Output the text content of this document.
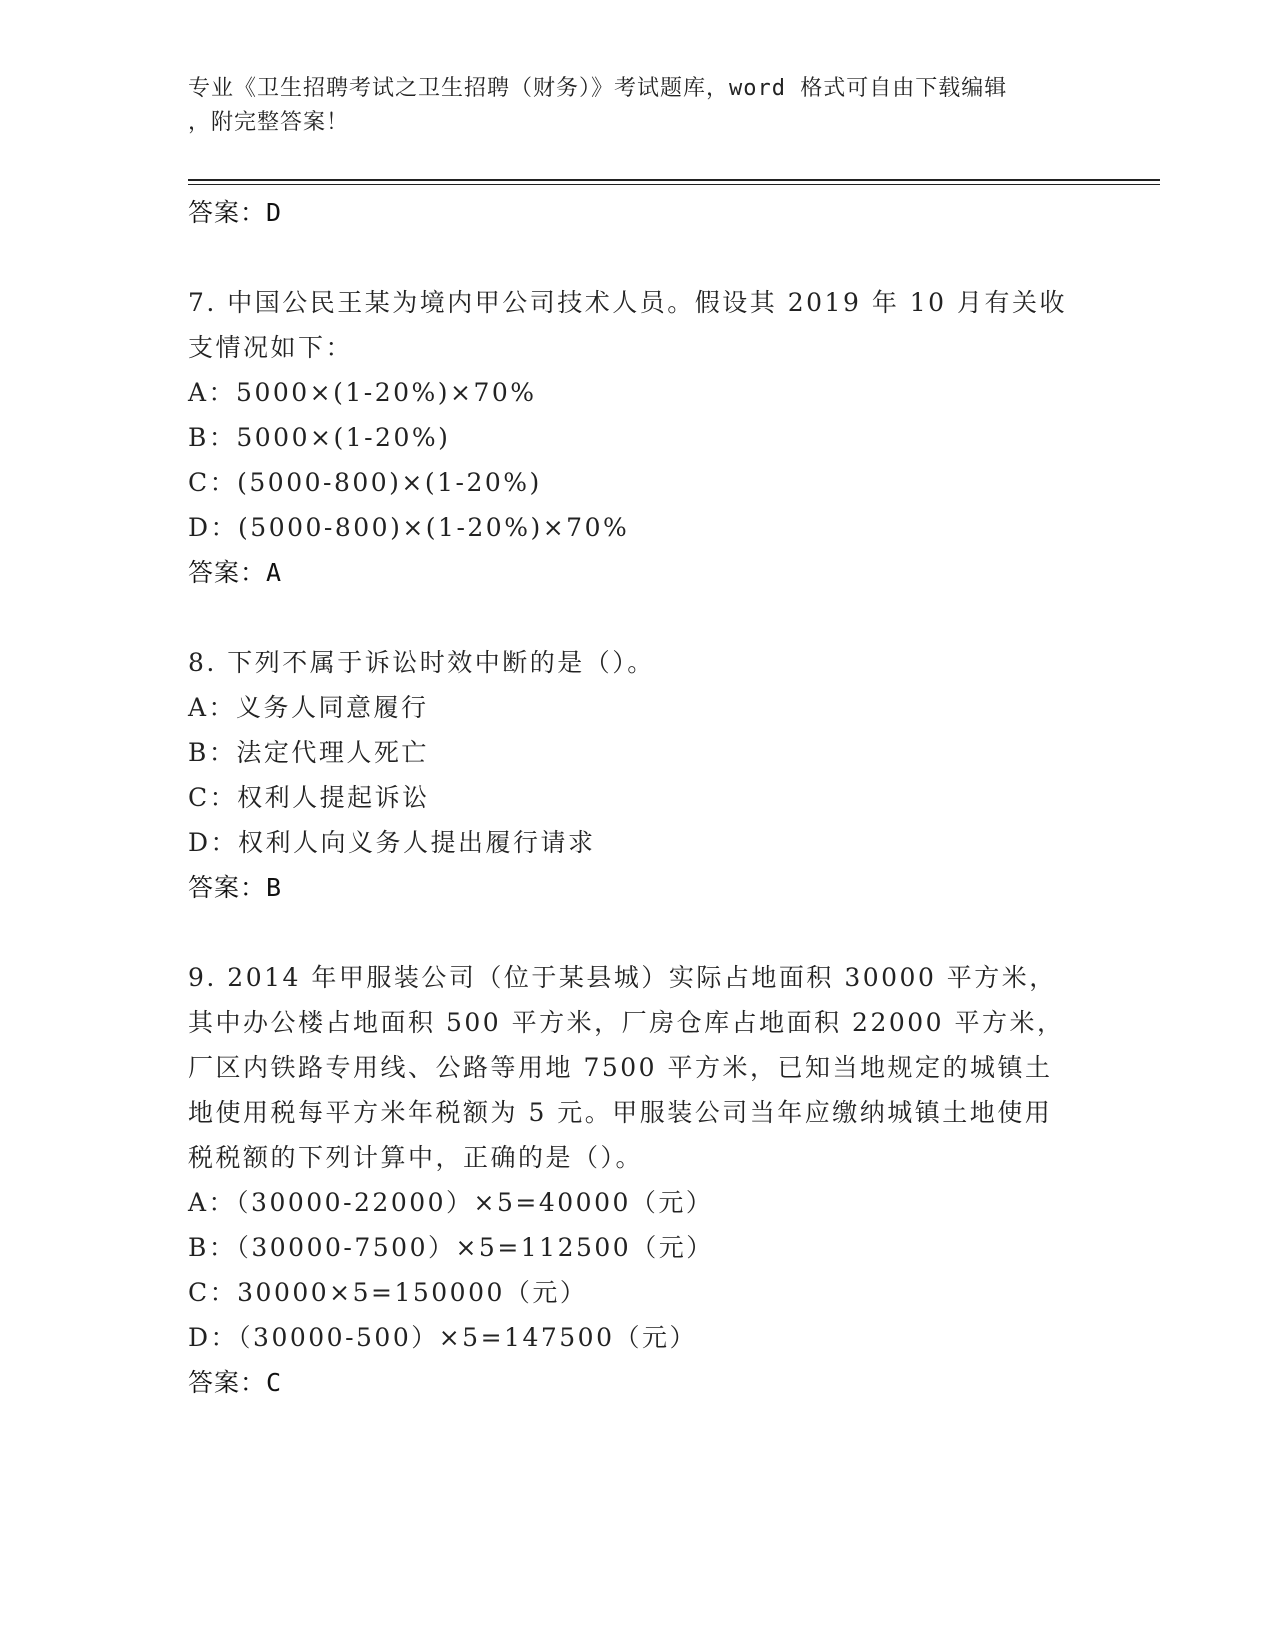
专业《卫生招聘考试之卫生招聘（财务）》考试题库，word 格式可自由下载编辑

，附完整答案！

答案：D

7. 中国公民王某为境内甲公司技术人员。假设其 2019 年 10 月有关收支情况如下：

A：5000×(1-20%)×70%

B：5000×(1-20%)

C：(5000-800)×(1-20%)

D：(5000-800)×(1-20%)×70%

答案：A

8. 下列不属于诉讼时效中断的是（）。

A：义务人同意履行

B：法定代理人死亡

C：权利人提起诉讼

D：权利人向义务人提出履行请求

答案：B

9. 2014 年甲服装公司（位于某县城）实际占地面积 30000 平方米，其中办公楼占地面积 500 平方米，厂房仓库占地面积 22000 平方米，厂区内铁路专用线、公路等用地 7500 平方米，已知当地规定的城镇土地使用税每平方米年税额为 5 元。甲服装公司当年应缴纳城镇土地使用税税额的下列计算中，正确的是（）。

A：（30000-22000）×5=40000（元）

B：（30000-7500）×5=112500（元）

C：30000×5=150000（元）

D：（30000-500）×5=147500（元）

答案：C
